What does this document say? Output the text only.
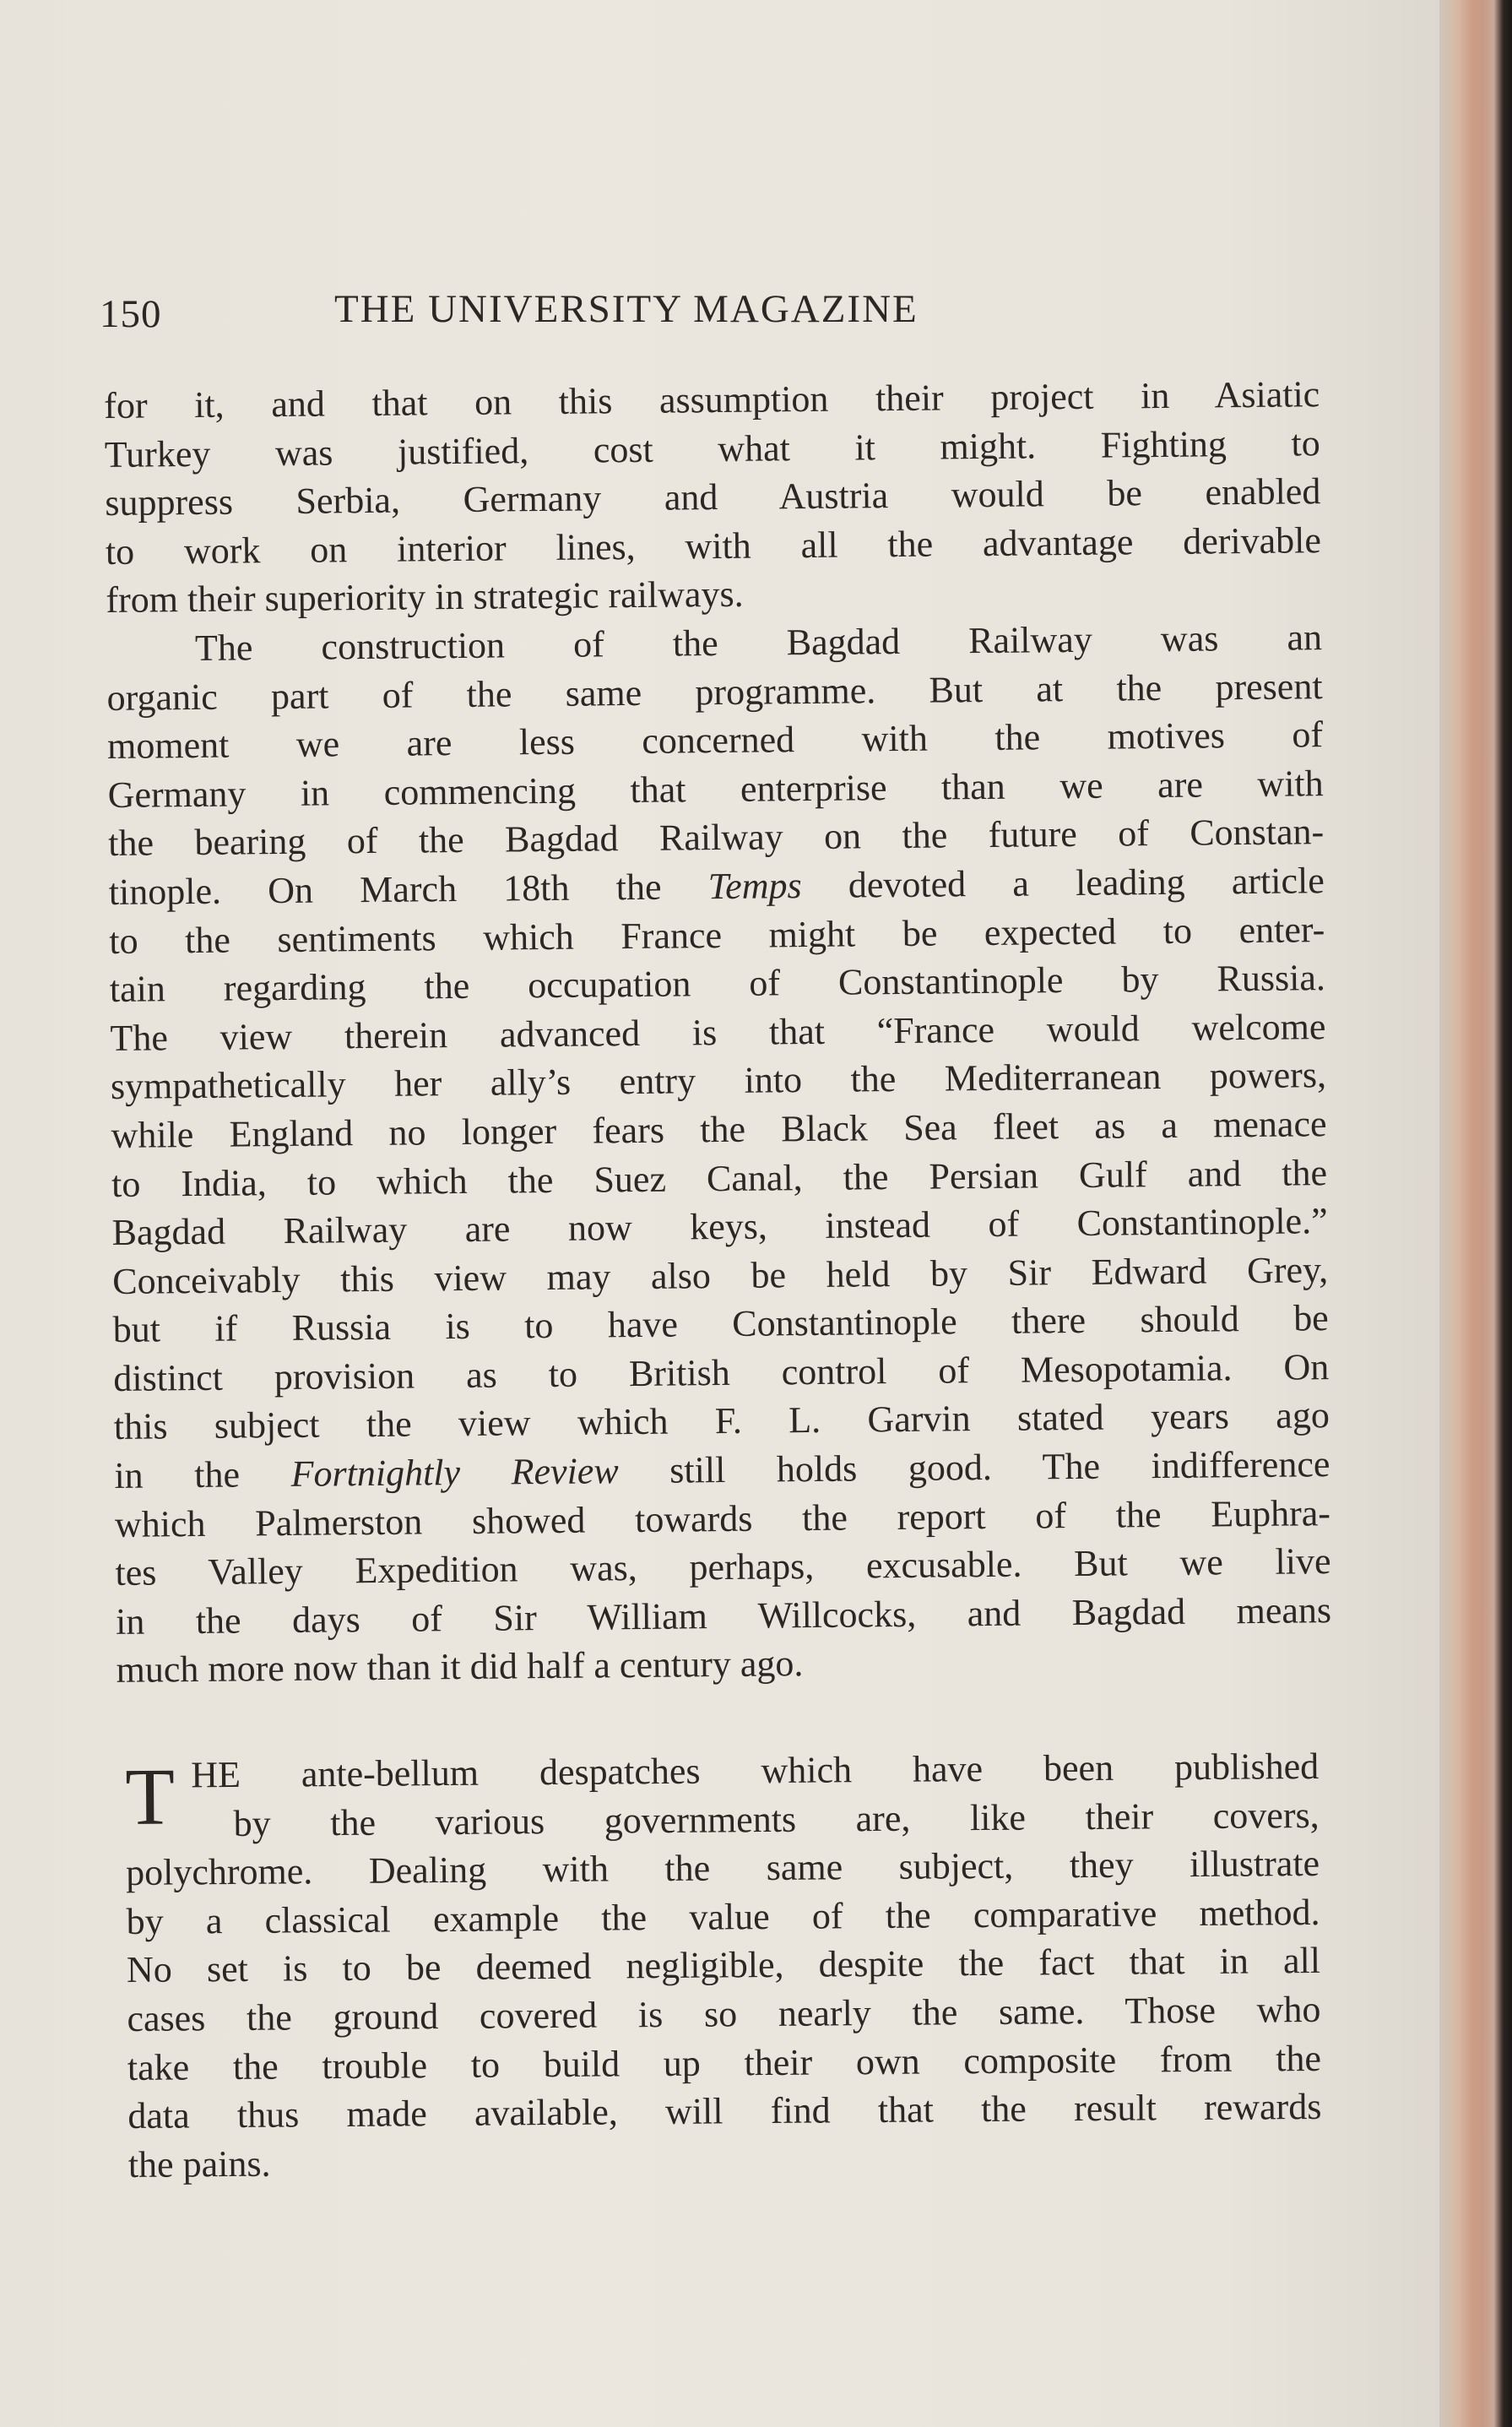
150	THE UNIVERSITY MAGAZINE
for it, and that on this assumption their project in Asiatic
Turkey was justified, cost what it might. Fighting to
suppress Serbia, Germany and Austria would be enabled
to work on interior lines, with all the advantage derivable
from their superiority in strategic railways.
The construction of the Bagdad Railway was an
organic part of the same programme. But at the present
moment we are less concerned with the motives of
Germany in commencing that enterprise than we are with
the bearing of the Bagdad Railway on the future of Constan-
tinople. On March 18th the Temps devoted a leading article
to the sentiments which France might be expected to enter-
tain regarding the occupation of Constantinople by Russia.
The view therein advanced is that “France would welcome
sympathetically her ally’s entry into the Mediterranean powers,
while England no longer fears the Black Sea fleet as a menace
to India, to which the Suez Canal, the Persian Gulf and the
Bagdad Railway are now keys, instead of Constantinople.”
Conceivably this view may also be held by Sir Edward Grey,
but if Russia is to have Constantinople there should be
distinct provision as to British control of Mesopotamia. On
this subject the view which F. L. Garvin stated years ago
in the Fortnightly Review still holds good. The indifference
which Palmerston showed towards the report of the Euphra-
tes Valley Expedition was, perhaps, excusable. But we live
in the days of Sir William Willcocks, and Bagdad means
much more now than it did half a century ago.
T HE ante-bellum despatches which have been published
by the various governments are, like their covers,
polychrome. Dealing with the same subject, they illustrate
by a classical example the value of the comparative method.
No set is to be deemed negligible, despite the fact that in all
cases the ground covered is so nearly the same. Those who
take the trouble to build up their own composite from the
data thus made available, will find that the result rewards
the pains.
